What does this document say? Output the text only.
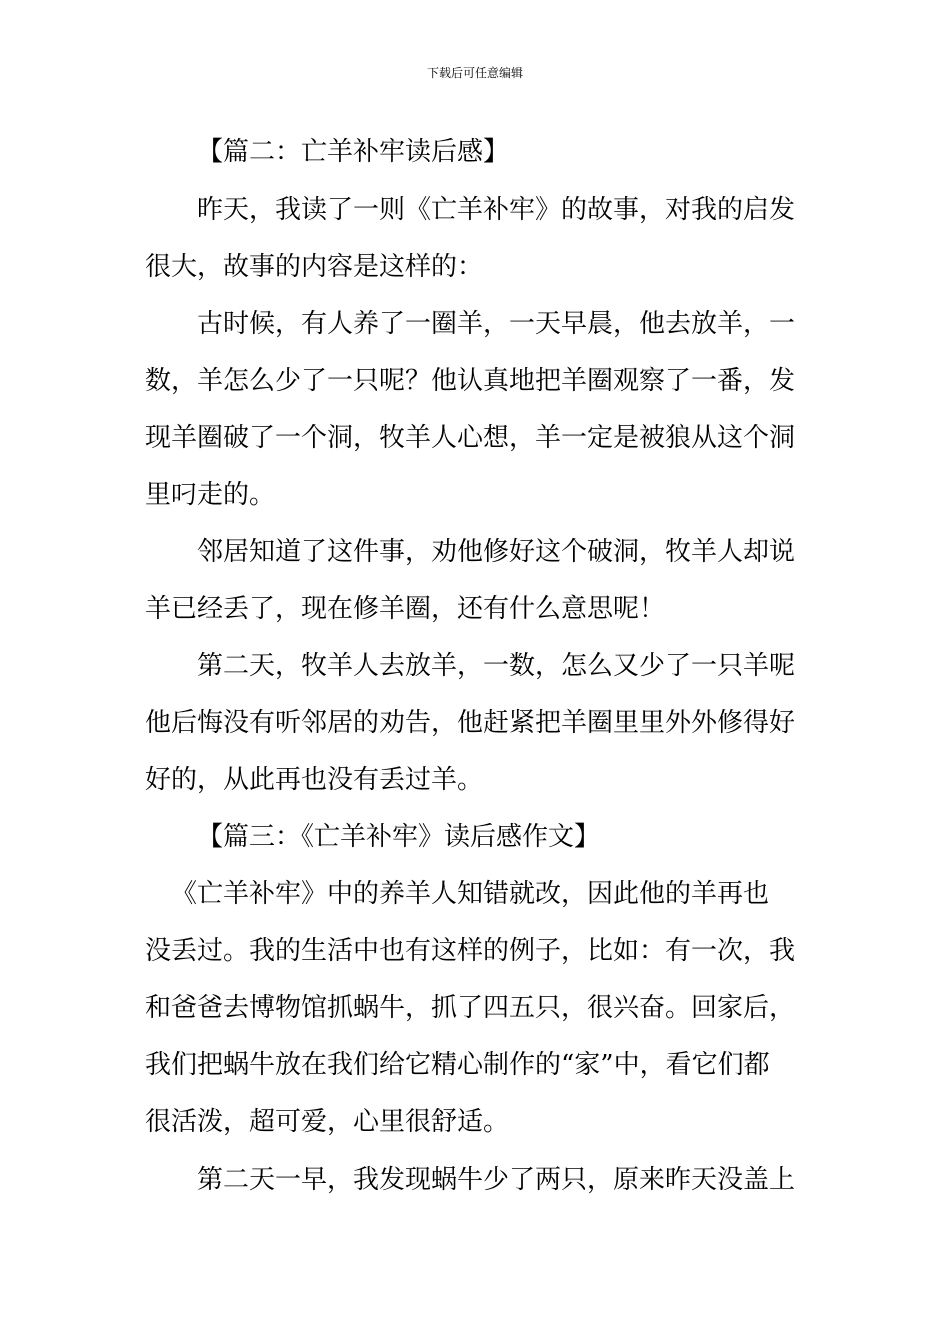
下载后可任意编辑
【篇二：亡羊补牢读后感】
昨天，我读了一则《亡羊补牢》的故事，对我的启发
很大，故事的内容是这样的：
古时候，有人养了一圈羊，一天早晨，他去放羊，一
数，羊怎么少了一只呢？他认真地把羊圈观察了一番，发
现羊圈破了一个洞，牧羊人心想，羊一定是被狼从这个洞
里叼走的。
邻居知道了这件事，劝他修好这个破洞，牧羊人却说
羊已经丢了，现在修羊圈，还有什么意思呢！
第二天，牧羊人去放羊，一数，怎么又少了一只羊呢
他后悔没有听邻居的劝告，他赶紧把羊圈里里外外修得好
好的，从此再也没有丢过羊。
【篇三：《亡羊补牢》读后感作文】
《亡羊补牢》中的养羊人知错就改，因此他的羊再也
没丢过。我的生活中也有这样的例子，比如：有一次，我
和爸爸去博物馆抓蜗牛，抓了四五只，很兴奋。回家后，
我们把蜗牛放在我们给它精心制作的“家”中，看它们都
很活泼，超可爱，心里很舒适。
第二天一早，我发现蜗牛少了两只，原来昨天没盖上
